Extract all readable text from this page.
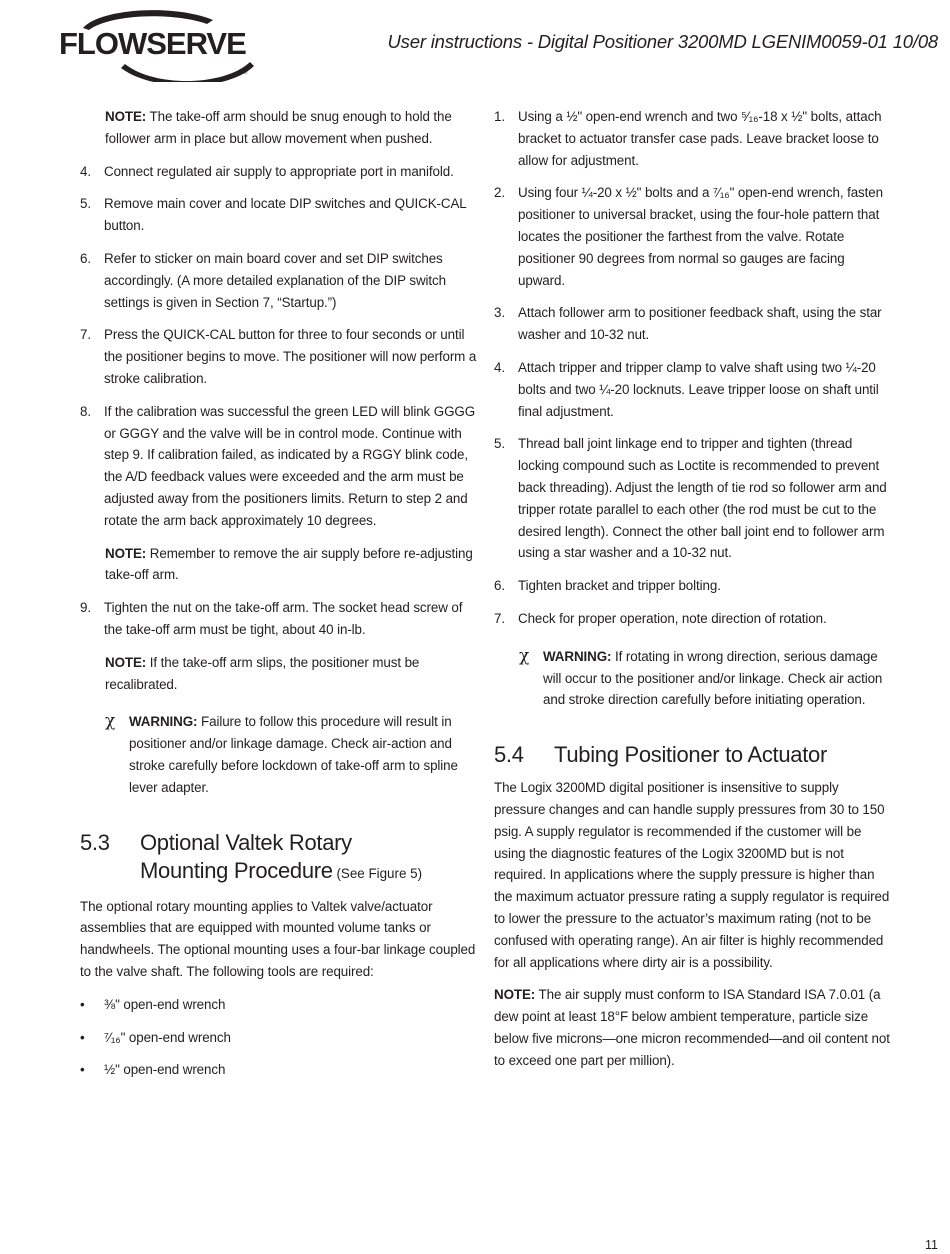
®
FLOWSERVE	User instructions - Digital Positioner 3200MD LGENIM0059-01 10/08
NOTE: The take-off arm should be snug enough to hold the follower arm in place but allow movement when pushed.
4. Connect regulated air supply to appropriate port in manifold.
5. Remove main cover and locate DIP switches and QUICK-CAL button.
6. Refer to sticker on main board cover and set DIP switches accordingly. (A more detailed explanation of the DIP switch settings is given in Section 7, “Startup.”)
7. Press the QUICK-CAL button for three to four seconds or until the positioner begins to move. The positioner will now perform a stroke calibration.
8. If the calibration was successful the green LED will blink GGGG or GGGY and the valve will be in control mode. Continue with step 9. If calibration failed, as indicated by a RGGY blink code, the A/D feedback values were exceeded and the arm must be adjusted away from the positioners limits. Return to step 2 and rotate the arm back approximately 10 degrees.
NOTE: Remember to remove the air supply before re-adjusting take-off arm.
9. Tighten the nut on the take-off arm. The socket head screw of the take-off arm must be tight, about 40 in-lb.
NOTE: If the take-off arm slips, the positioner must be recalibrated.
χ	WARNING: Failure to follow this procedure will result in positioner and/or linkage damage. Check air-action and stroke carefully before lockdown of take-off arm to spline lever adapter.
5.3 Optional Valtek Rotary
Mounting Procedure (See Figure 5)
The optional rotary mounting applies to Valtek valve/actuator assemblies that are equipped with mounted volume tanks or handwheels. The optional mounting uses a four-bar linkage coupled to the valve shaft. The following tools are required:
•	⅜" open-end wrench
•	⁷⁄₁₆" open-end wrench
•	½" open-end wrench
1. Using a ½" open-end wrench and two ⁵⁄₁₆-18 x ½" bolts, attach bracket to actuator transfer case pads. Leave bracket loose to allow for adjustment.
2. Using four ¼-20 x ½" bolts and a ⁷⁄₁₆" open-end wrench, fasten positioner to universal bracket, using the four-hole pattern that locates the positioner the farthest from the valve. Rotate positioner 90 degrees from normal so gauges are facing upward.
3. Attach follower arm to positioner feedback shaft, using the star washer and 10-32 nut.
4. Attach tripper and tripper clamp to valve shaft using two ¼-20 bolts and two ¼-20 locknuts. Leave tripper loose on shaft until final adjustment.
5. Thread ball joint linkage end to tripper and tighten (thread locking compound such as Loctite is recommended to prevent back threading). Adjust the length of tie rod so follower arm and tripper rotate parallel to each other (the rod must be cut to the desired length). Connect the other ball joint end to follower arm using a star washer and a 10-32 nut.
6. Tighten bracket and tripper bolting.
7. Check for proper operation, note direction of rotation.
χ	WARNING: If rotating in wrong direction, serious damage will occur to the positioner and/or linkage. Check air action and stroke direction carefully before initiating operation.
5.4 Tubing Positioner to Actuator
The Logix 3200MD digital positioner is insensitive to supply pressure changes and can handle supply pressures from 30 to 150 psig. A supply regulator is recommended if the customer will be using the diagnostic features of the Logix 3200MD but is not required. In applications where the supply pressure is higher than the maximum actuator pressure rating a supply regulator is required to lower the pressure to the actuator’s maximum rating (not to be confused with operating range). An air filter is highly recommended for all applications where dirty air is a possibility.
NOTE: The air supply must conform to ISA Standard ISA 7.0.01 (a dew point at least 18°F below ambient temperature, particle size below five microns—one micron recommended—and oil content not to exceed one part per million).
11
